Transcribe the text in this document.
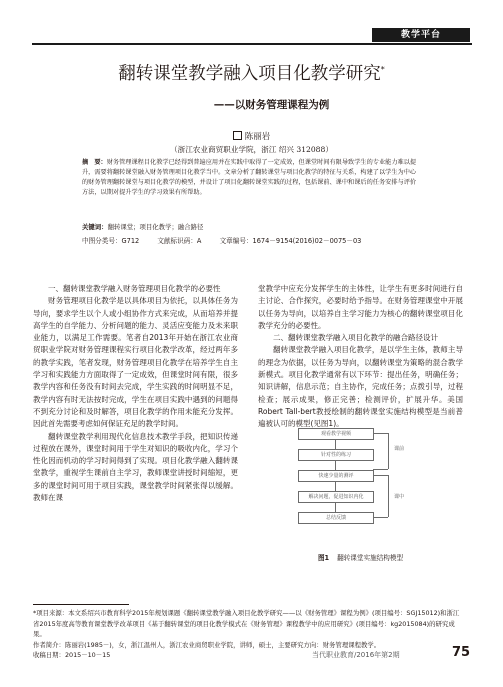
教学平台
翻转课堂教学融入项目化教学研究*
——以财务管理课程为例
陈丽岩
（浙江农业商贸职业学院，浙江 绍兴 312088）
摘　要：财务管理课程目化教学已经得到普遍应用并在实践中取得了一定成效，但课堂时间有限导致学生的专业能力难以提升，需要将翻转课堂融入财务管理项目化教学当中。文章分析了翻转课堂与项目化教学的特征与关系，构建了以学生为中心的财务管理翻转课堂与项目化教学的模型，并设计了项目化翻转课堂实践的过程，包括课前、课中和课后的任务安排与评价方法，以期对提升学生的学习效果有所帮助。
关键词：翻转课堂；项目化教学；融合路径
中图分类号：G712	文献标识码：A	文章编号：1674－9154(2016)02－0075－03

一、翻转课堂教学融入财务管理项目化教学的必要性

财务管理项目化教学是以具体项目为依托，以具体任务为导向，要求学生以个人或小组协作方式来完成，从而培养并提高学生的自学能力、分析问题的能力、灵活应变能力及未来职业能力，以满足工作需要。笔者自2013年开始在浙江农业商贸职业学院对财务管理课程实行项目化教学改革，经过两年多的教学实践，笔者发现，财务管理项目化教学在培养学生自主学习和实践能力方面取得了一定成效，但课堂时间有限，很多教学内容和任务没有时间去完成，学生实践的时间明显不足，教学内容有时无法按时完成，学生在项目实践中遇到的问题得不到充分讨论和及时解答，项目化教学的作用未能充分发挥。因此首先需要考虑如何保证充足的教学时间。

翻转课堂教学利用现代化信息技术教学手段，把知识传递过程放在课外，课堂时间用于学生对知识的吸收内化，学习个性化因而机动的学习时间得到了实现。项目化教学融入翻转课堂教学，重视学生课前自主学习，教师课堂讲授时间缩短，更多的课堂时间可用于项目实践，课堂教学时间紧张得以缓解。教师在课

堂教学中应充分发挥学生的主体性，让学生有更多时间进行自主讨论、合作探究，必要时给予指导。在财务管理课堂中开展以任务为导向，以培养自主学习能力为核心的翻转课堂项目化教学充分的必要性。

二、翻转课堂教学融入项目化教学的融合路径设计

翻转课堂教学融入项目化教学，是以学生主体，教师主导的理念为依据，以任务为导向，以翻转课堂为策略的混合教学新模式。项目化教学通常有以下环节：提出任务，明确任务；知识讲解，信息示范；自主协作，完成任务；点拨引导，过程检查；展示成果，修正完善；检测评价，扩展升华。美国Robert Tall-bert教授绘制的翻转课堂实施结构模型是当前普遍被认可的模型(见图1)。

观看教学视频
针对性的练习
快速少量的测评
解决问题，促进知识内化
总结反馈
课前
课中
图1 翻转课堂实施结构模型

*项目来源：本文系绍兴市教育科学2015年规划课题《翻转课堂教学融入项目化教学研究——以《财务管理》课程为例》(项目编号：SGJ15012)和浙江省2015年度高等教育课堂教学改革项目《基于翻转课堂的项目化教学模式在《财务管理》课程教学中的应用研究》(项目编号：kg2015084)的研究成果。

作者简介：陈丽岩(1985－)，女，浙江温州人，浙江农业商贸职业学院，讲师，硕士，主要研究方向：财务管理课程教学。

收稿日期：2015－10－15	当代职业教育/2016年第2期	75
